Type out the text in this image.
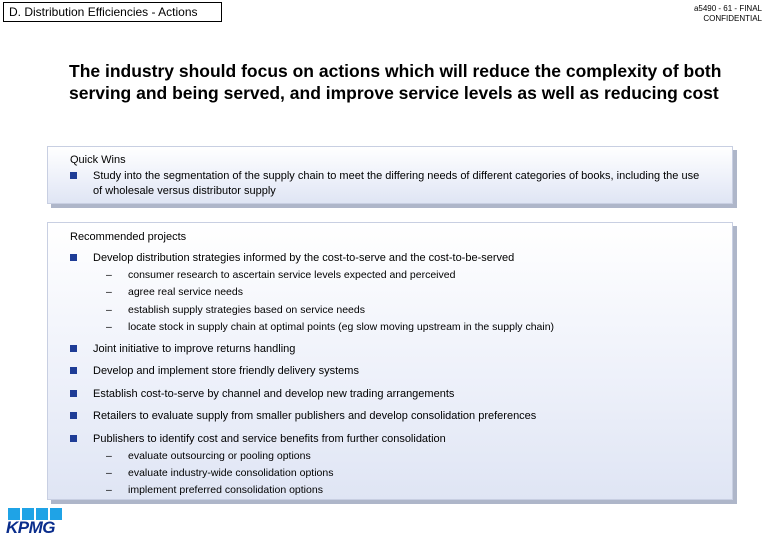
D. Distribution Efficiencies - Actions	a5490 - 61 - FINAL
CONFIDENTIAL
The industry should focus on actions which will reduce the complexity of both serving and being served, and improve service levels as well as reducing cost
Quick Wins
Study into the segmentation of the supply chain to meet the differing needs of different categories of books, including the use of wholesale versus distributor supply
Recommended projects
Develop distribution strategies informed by the cost-to-serve and the cost-to-be-served
– consumer research to ascertain service levels expected and perceived
– agree real service needs
– establish supply strategies based on service needs
– locate stock in supply chain at optimal points (eg slow moving upstream in the supply chain)
Joint initiative to improve returns handling
Develop and implement store friendly delivery systems
Establish cost-to-serve by channel and develop new trading arrangements
Retailers to evaluate supply from smaller publishers and develop consolidation preferences
Publishers to identify cost and service benefits from further consolidation
– evaluate outsourcing or pooling options
– evaluate industry-wide consolidation options
– implement preferred consolidation options
KPMG
